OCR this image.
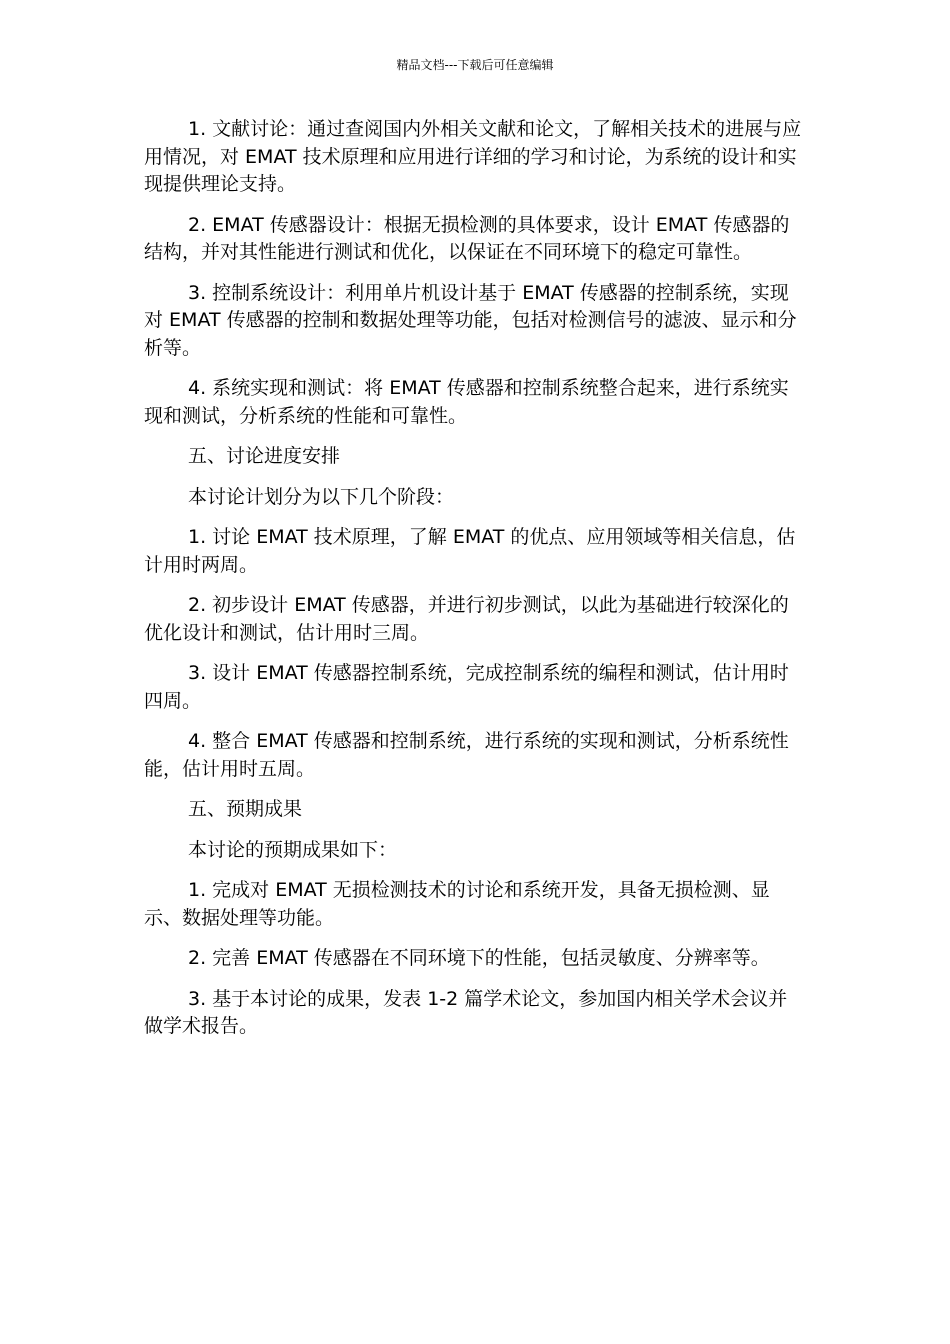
精品文档---下载后可任意编辑

1. 文献讨论：通过查阅国内外相关文献和论文，了解相关技术的进展与应用情况，对 EMAT 技术原理和应用进行详细的学习和讨论，为系统的设计和实现提供理论支持。

2. EMAT 传感器设计：根据无损检测的具体要求，设计 EMAT 传感器的结构，并对其性能进行测试和优化，以保证在不同环境下的稳定可靠性。

3. 控制系统设计：利用单片机设计基于 EMAT 传感器的控制系统，实现对 EMAT 传感器的控制和数据处理等功能，包括对检测信号的滤波、显示和分析等。

4. 系统实现和测试：将 EMAT 传感器和控制系统整合起来，进行系统实现和测试，分析系统的性能和可靠性。

五、讨论进度安排

本讨论计划分为以下几个阶段：

1. 讨论 EMAT 技术原理，了解 EMAT 的优点、应用领域等相关信息，估计用时两周。

2. 初步设计 EMAT 传感器，并进行初步测试，以此为基础进行较深化的优化设计和测试，估计用时三周。

3. 设计 EMAT 传感器控制系统，完成控制系统的编程和测试，估计用时四周。

4. 整合 EMAT 传感器和控制系统，进行系统的实现和测试，分析系统性能，估计用时五周。

五、预期成果

本讨论的预期成果如下：

1. 完成对 EMAT 无损检测技术的讨论和系统开发，具备无损检测、显示、数据处理等功能。

2. 完善 EMAT 传感器在不同环境下的性能，包括灵敏度、分辨率等。

3. 基于本讨论的成果，发表 1-2 篇学术论文，参加国内相关学术会议并做学术报告。
